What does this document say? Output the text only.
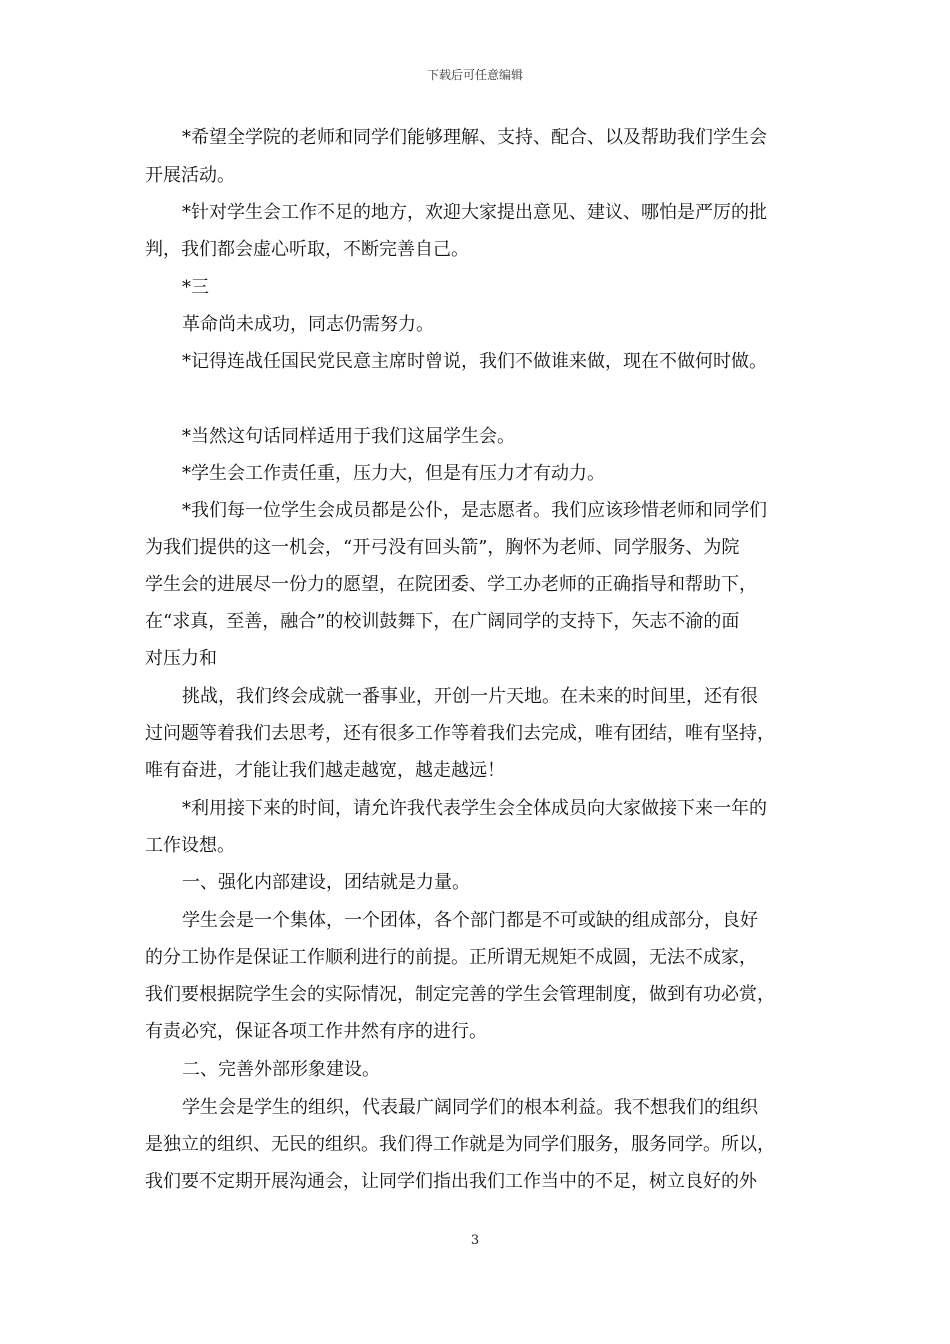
下载后可任意编辑
*希望全学院的老师和同学们能够理解、支持、配合、以及帮助我们学生会
开展活动。
*针对学生会工作不足的地方，欢迎大家提出意见、建议、哪怕是严厉的批
判，我们都会虚心听取，不断完善自己。
*三
革命尚未成功，同志仍需努力。
*记得连战任国民党民意主席时曾说，我们不做谁来做，现在不做何时做。
*当然这句话同样适用于我们这届学生会。
*学生会工作责任重，压力大，但是有压力才有动力。
*我们每一位学生会成员都是公仆，是志愿者。我们应该珍惜老师和同学们
为我们提供的这一机会，“开弓没有回头箭”，胸怀为老师、同学服务、为院
学生会的进展尽一份力的愿望，在院团委、学工办老师的正确指导和帮助下，
在“求真，至善，融合”的校训鼓舞下，在广阔同学的支持下，矢志不渝的面
对压力和
挑战，我们终会成就一番事业，开创一片天地。在未来的时间里，还有很
过问题等着我们去思考，还有很多工作等着我们去完成，唯有团结，唯有坚持，
唯有奋进，才能让我们越走越宽，越走越远！
*利用接下来的时间，请允许我代表学生会全体成员向大家做接下来一年的
工作设想。
一、强化内部建设，团结就是力量。
学生会是一个集体，一个团体，各个部门都是不可或缺的组成部分，良好
的分工协作是保证工作顺利进行的前提。正所谓无规矩不成圆，无法不成家，
我们要根据院学生会的实际情况，制定完善的学生会管理制度，做到有功必赏，
有责必究，保证各项工作井然有序的进行。
二、完善外部形象建设。
学生会是学生的组织，代表最广阔同学们的根本利益。我不想我们的组织
是独立的组织、无民的组织。我们得工作就是为同学们服务，服务同学。所以，
我们要不定期开展沟通会，让同学们指出我们工作当中的不足，树立良好的外
3
